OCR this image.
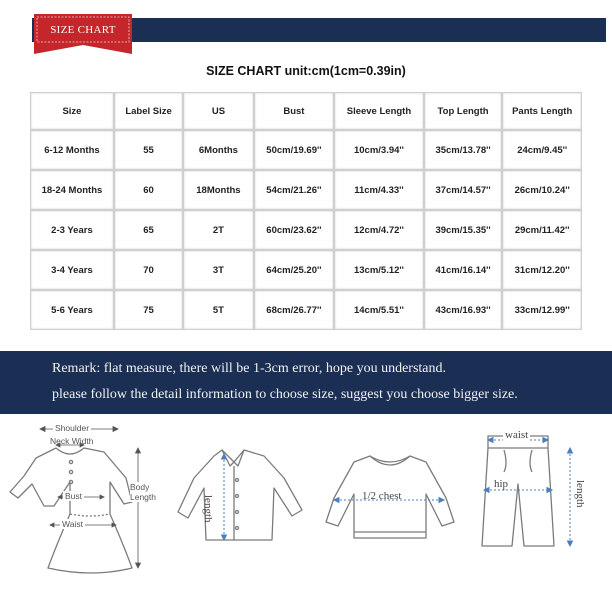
SIZE CHART
SIZE CHART unit:cm(1cm=0.39in)
Size	Label Size	US	Bust	Sleeve Length	Top Length	Pants Length
6-12 Months	55	6Months	50cm/19.69''	10cm/3.94''	35cm/13.78''	24cm/9.45''
18-24 Months	60	18Months	54cm/21.26''	11cm/4.33''	37cm/14.57''	26cm/10.24''
2-3 Years	65	2T	60cm/23.62''	12cm/4.72''	39cm/15.35''	29cm/11.42''
3-4 Years	70	3T	64cm/25.20''	13cm/5.12''	41cm/16.14''	31cm/12.20''
5-6 Years	75	5T	68cm/26.77''	14cm/5.51''	43cm/16.93''	33cm/12.99''

Remark: flat measure, there will be 1-3cm error, hope you understand.

please follow the detail information to choose size, suggest you choose bigger size.

Shoulder
Neck Width
Bust
Waist
Body
Length	length	1/2 chest
waist
hip	length
